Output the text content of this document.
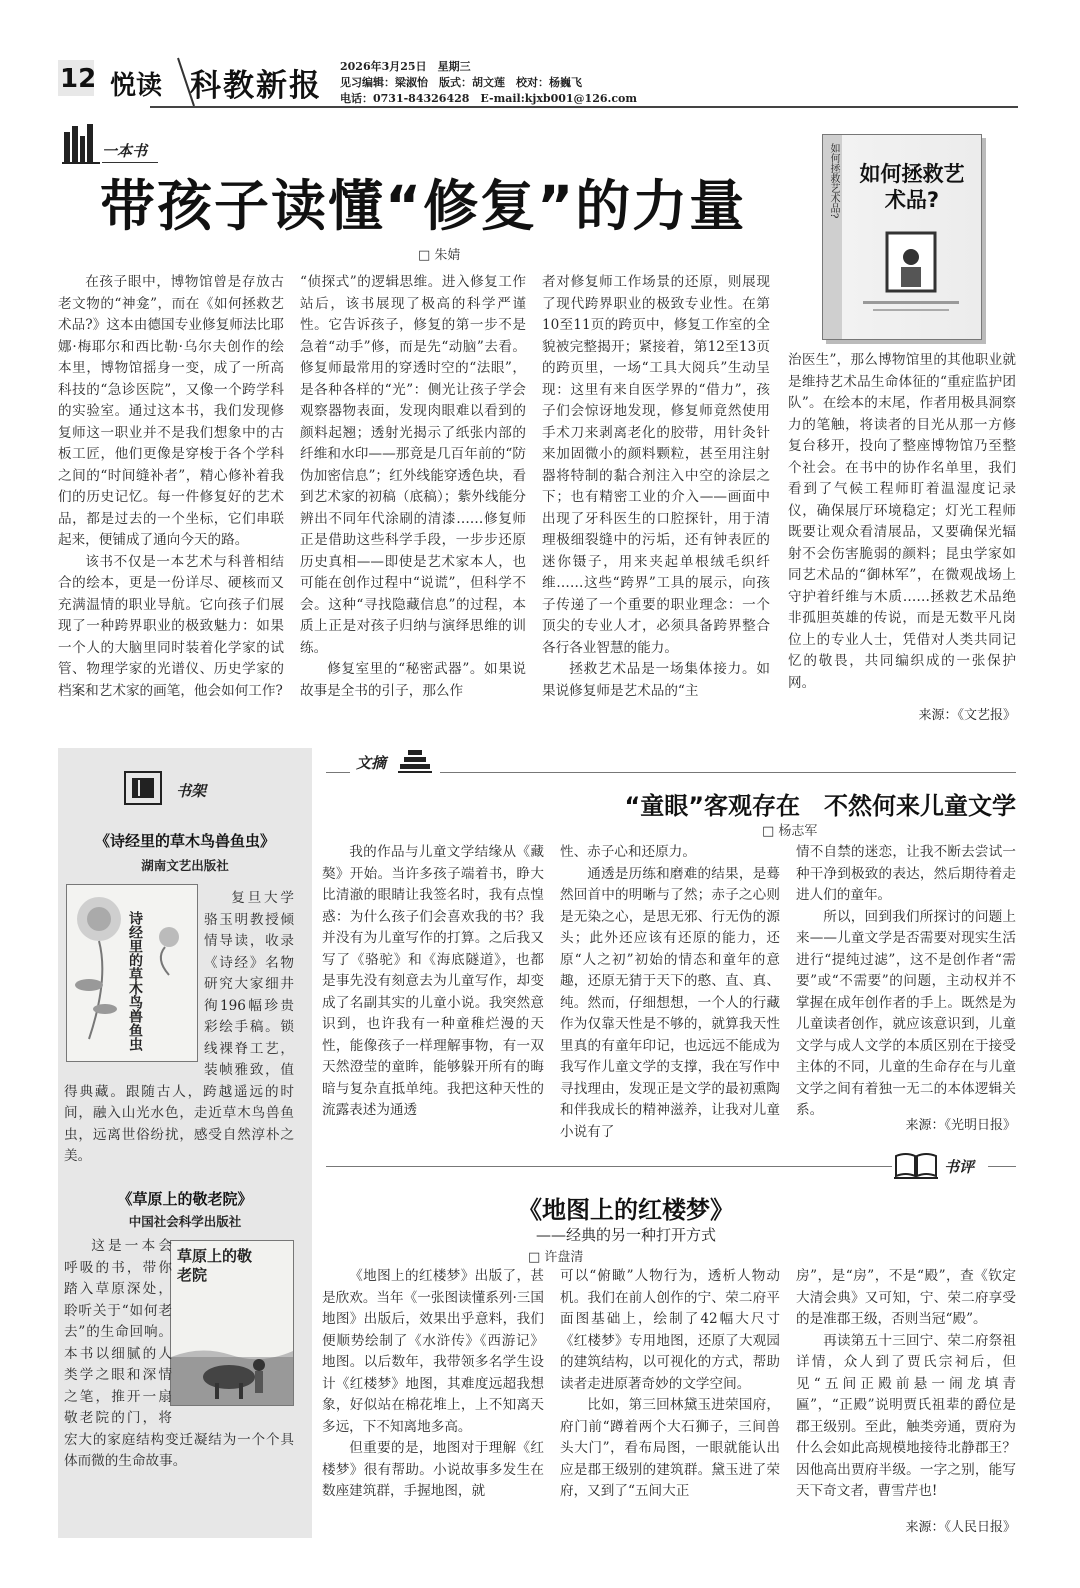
12 悦读 科教新报
2026年3月25日　星期三
见习编辑：梁淑怡　版式：胡文莲　校对：杨巍飞
电话：0731-84326428　E-mail:kjxb001@126.com
一本书
带孩子读懂“修复”的力量
□ 朱婧
如何拯救艺术品? 如何拯救艺术品?

在孩子眼中，博物馆曾是存放古老文物的“神龛”，而在《如何拯救艺术品?》这本由德国专业修复师法比耶娜·梅耶尔和西比勒·乌尔夫创作的绘本里，博物馆摇身一变，成了一所高科技的“急诊医院”，又像一个跨学科的实验室。通过这本书，我们发现修复师这一职业并不是我们想象中的古板工匠，他们更像是穿梭于各个学科之间的“时间缝补者”，精心修补着我们的历史记忆。每一件修复好的艺术品，都是过去的一个坐标，它们串联起来，便铺成了通向今天的路。

该书不仅是一本艺术与科普相结合的绘本，更是一份详尽、硬核而又充满温情的职业导航。它向孩子们展现了一种跨界职业的极致魅力：如果一个人的大脑里同时装着化学家的试管、物理学家的光谱仪、历史学家的档案和艺术家的画笔，他会如何工作?

“侦探式”的逻辑思维。进入修复工作站后，该书展现了极高的科学严谨性。它告诉孩子，修复的第一步不是急着“动手”修，而是先“动脑”去看。修复师最常用的穿透时空的“法眼”，是各种各样的“光”：侧光让孩子学会观察器物表面，发现肉眼难以看到的颜料起翘；透射光揭示了纸张内部的纤维和水印——那竟是几百年前的“防伪加密信息”；红外线能穿透色块，看到艺术家的初稿（底稿）；紫外线能分辨出不同年代涂刷的清漆……修复师正是借助这些科学手段，一步步还原历史真相——即使是艺术家本人，也可能在创作过程中“说谎”，但科学不会。这种“寻找隐藏信息”的过程，本质上正是对孩子归纳与演绎思维的训练。

修复室里的“秘密武器”。如果说故事是全书的引子，那么作

者对修复师工作场景的还原，则展现了现代跨界职业的极致专业性。在第10至11页的跨页中，修复工作室的全貌被完整揭开；紧接着，第12至13页的跨页里，一场“工具大阅兵”生动呈现：这里有来自医学界的“借力”，孩子们会惊讶地发现，修复师竟然使用手术刀来剥离老化的胶带，用针灸针来加固微小的颜料颗粒，甚至用注射器将特制的黏合剂注入中空的涂层之下；也有精密工业的介入——画面中出现了牙科医生的口腔探针，用于清理极细裂缝中的污垢，还有钟表匠的迷你镊子，用来夹起单根绒毛织纤维……这些“跨界”工具的展示，向孩子传递了一个重要的职业理念：一个顶尖的专业人才，必须具备跨界整合各行各业智慧的能力。

拯救艺术品是一场集体接力。如果说修复师是艺术品的“主

治医生”，那么博物馆里的其他职业就是维持艺术品生命体征的“重症监护团队”。在绘本的末尾，作者用极具洞察力的笔触，将读者的目光从那一方修复台移开，投向了整座博物馆乃至整个社会。在书中的协作名单里，我们看到了气候工程师盯着温湿度记录仪，确保展厅环境稳定；灯光工程师既要让观众看清展品，又要确保光辐射不会伤害脆弱的颜料；昆虫学家如同艺术品的“御林军”，在微观战场上守护着纤维与木质……拯救艺术品绝非孤胆英雄的传说，而是无数平凡岗位上的专业人士，凭借对人类共同记忆的敬畏，共同编织成的一张保护网。

来源：《文艺报》
书架
《诗经里的草木鸟兽鱼虫》
湖南文艺出版社
诗经里的草木鸟兽鱼虫

复旦大学骆玉明教授倾情导读，收录《诗经》名物研究大家细井徇196幅珍贵彩绘手稿。锁线裸脊工艺，装帧雅致，值得典藏。跟随古人，跨越遥远的时间，融入山光水色，走近草木鸟兽鱼虫，远离世俗纷扰，感受自然淳朴之美。

《草原上的敬老院》
中国社会科学出版社
草原上的敬老院

这是一本会呼吸的书，带你踏入草原深处，聆听关于“如何老去”的生命回响。本书以细腻的人类学之眼和深情之笔，推开一扇敬老院的门，将宏大的家庭结构变迁凝结为一个个具体而微的生命故事。

文摘
“童眼”客观存在　不然何来儿童文学
□ 杨志军

我的作品与儿童文学结缘从《藏獒》开始。当许多孩子端着书，睁大比清澈的眼睛让我签名时，我有点惶惑：为什么孩子们会喜欢我的书？我并没有为儿童写作的打算。之后我又写了《骆驼》和《海底隧道》，也都是事先没有刻意去为儿童写作，却变成了名副其实的儿童小说。我突然意识到，也许我有一种童稚烂漫的天性，能像孩子一样理解事物，有一双天然澄莹的童眸，能够躲开所有的晦暗与复杂直抵单纯。我把这种天性的流露表述为通透

性、赤子心和还原力。

通透是历练和磨难的结果，是蓦然回首中的明晰与了然；赤子之心则是无染之心，是思无邪、行无伪的源头；此外还应该有还原的能力，还原“人之初”初始的情态和童年的意趣，还原无猜于天下的憨、直、真、纯。然而，仔细想想，一个人的行藏作为仅靠天性是不够的，就算我天性里真的有童年印记，也远远不能成为我写作儿童文学的支撑，我在写作中寻找理由，发现正是文学的最初熏陶和伴我成长的精神滋养，让我对儿童小说有了

情不自禁的迷恋，让我不断去尝试一种干净到极致的表达，然后期待着走进人们的童年。

所以，回到我们所探讨的问题上来——儿童文学是否需要对现实生活进行“提纯过滤”，这不是创作者“需要”或“不需要”的问题，主动权并不掌握在成年创作者的手上。既然是为儿童读者创作，就应该意识到，儿童文学与成人文学的本质区别在于接受主体的不同，儿童的生命存在与儿童文学之间有着独一无二的本体逻辑关系。

来源：《光明日报》
书评
《地图上的红楼梦》
——经典的另一种打开方式
□ 许盘清

《地图上的红楼梦》出版了，甚是欣欢。当年《一张图读懂系列·三国地图》出版后，效果出乎意料，我们便顺势绘制了《水浒传》《西游记》地图。以后数年，我带领多名学生设计《红楼梦》地图，其难度远超我想象，好似站在棉花堆上，上不知离天多远，下不知离地多高。

但重要的是，地图对于理解《红楼梦》很有帮助。小说故事多发生在数座建筑群，手握地图，就

可以“俯瞰”人物行为，透析人物动机。我们在前人创作的宁、荣二府平面图基础上，绘制了42幅大尺寸《红楼梦》专用地图，还原了大观园的建筑结构，以可视化的方式，帮助读者走进原著奇妙的文学空间。

比如，第三回林黛玉进荣国府，府门前“蹲着两个大石狮子，三间兽头大门”，看布局图，一眼就能认出应是郡王级别的建筑群。黛玉进了荣府，又到了“五间大正

房”，是“房”，不是“殿”，查《钦定大清会典》又可知，宁、荣二府享受的是准郡王级，否则当冠“殿”。

再读第五十三回宁、荣二府祭祖详情，众人到了贾氏宗祠后，但见“五间正殿前悬一闹龙填青匾”，“正殿”说明贾氏祖辈的爵位是郡王级别。至此，触类旁通，贾府为什么会如此高规模地接待北静郡王？因他高出贾府半级。一字之别，能写天下奇文者，曹雪芹也!

来源：《人民日报》
